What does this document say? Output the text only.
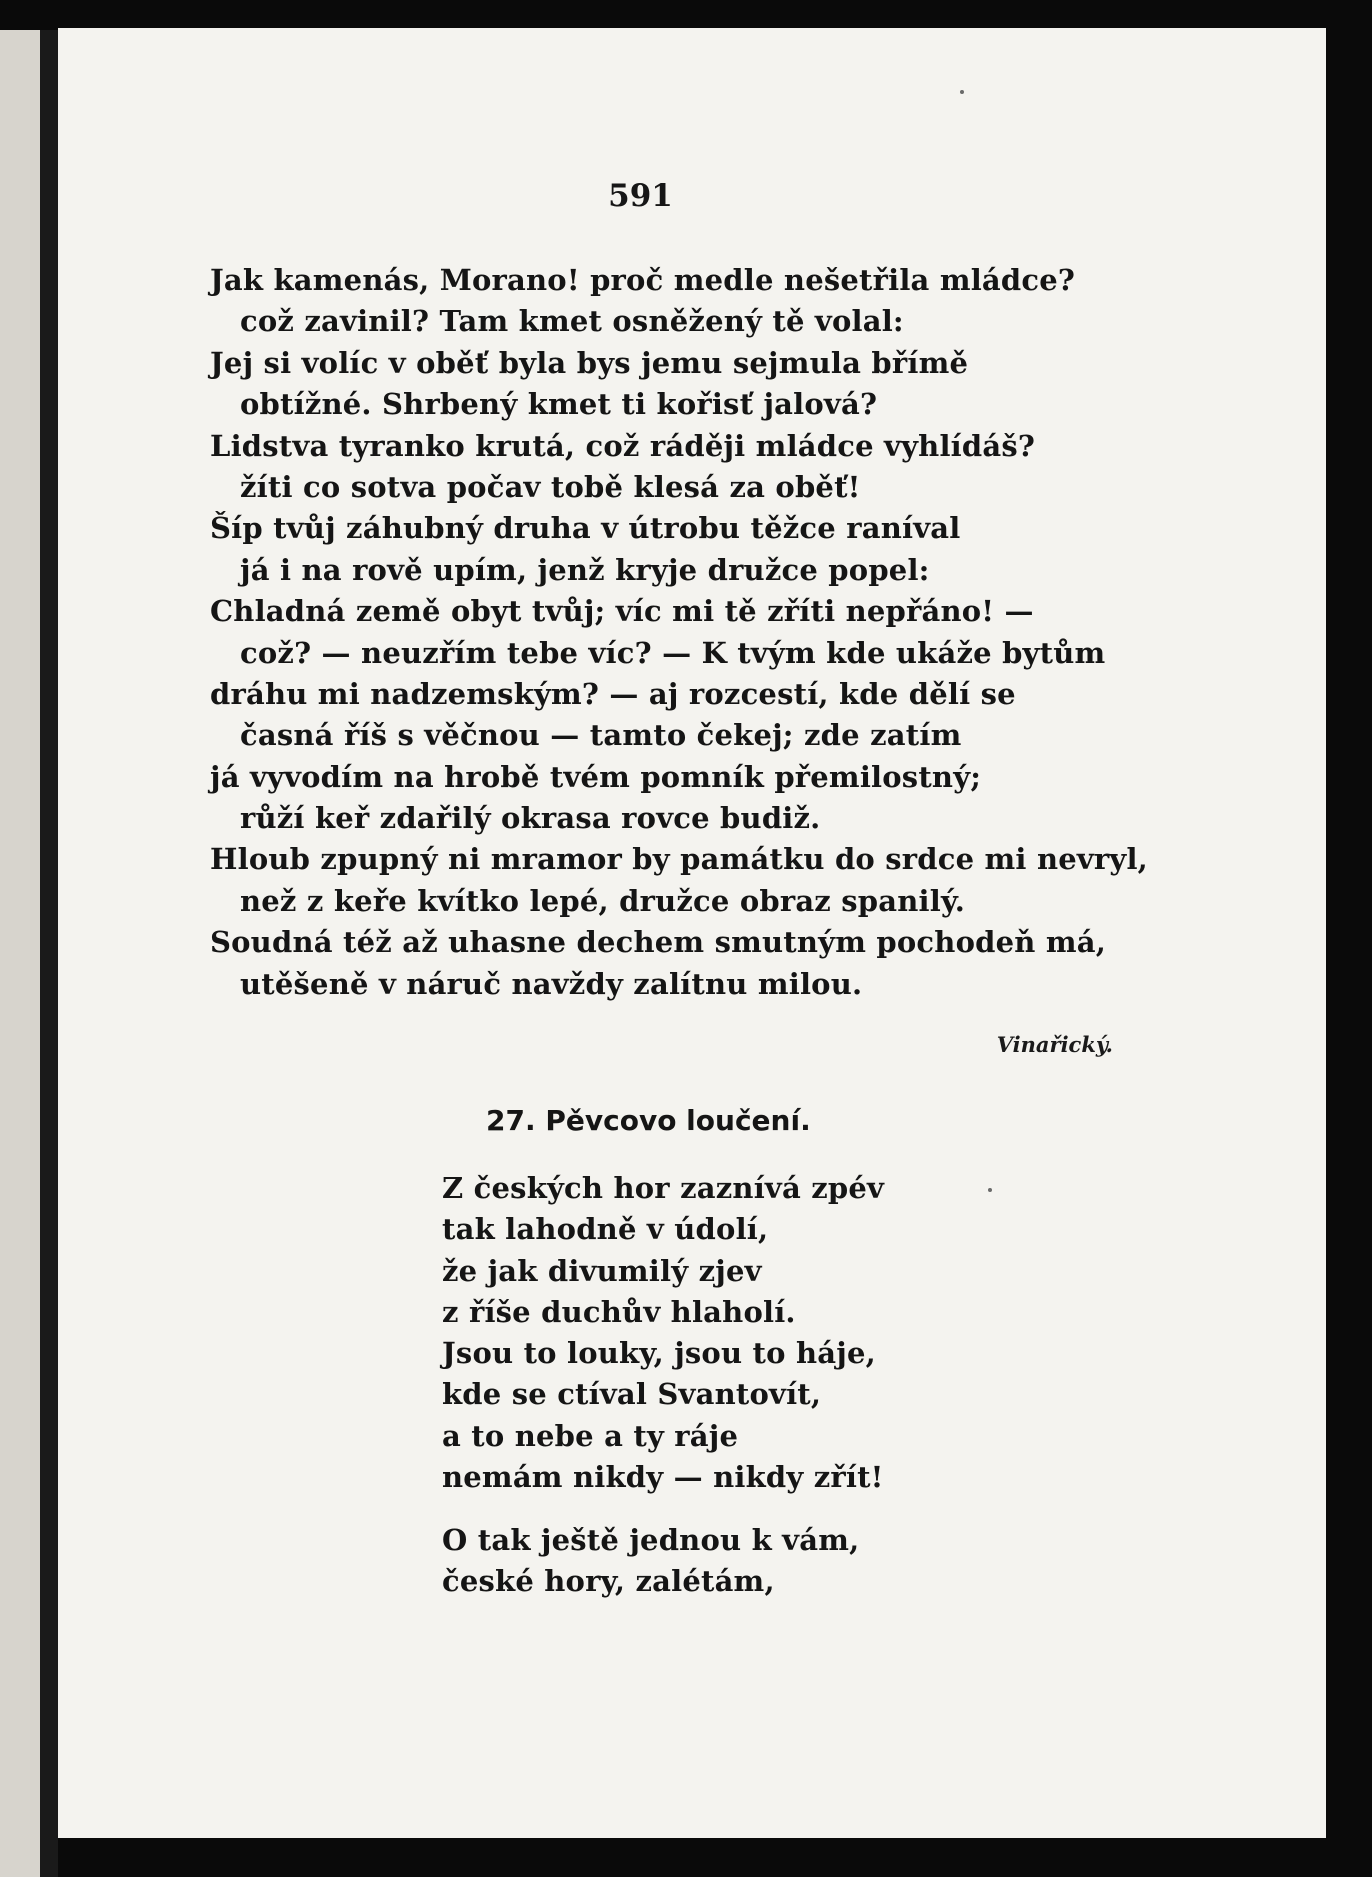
591
Jak kamenás, Morano! proč medle nešetřila mládce?
což zavinil? Tam kmet osněžený tě volal:
Jej si volíc v oběť byla bys jemu sejmula břímě
obtížné. Shrbený kmet ti kořisť jalová?
Lidstva tyranko krutá, což ráději mládce vyhlídáš?
žíti co sotva počav tobě klesá za oběť!
Šíp tvůj záhubný druha v útrobu těžce raníval
já i na rově upím, jenž kryje družce popel:
Chladná země obyt tvůj; víc mi tě zříti nepřáno! —
což? — neuzřím tebe víc? — K tvým kde ukáže bytům
dráhu mi nadzemským? — aj rozcestí, kde dělí se
časná říš s věčnou — tamto čekej; zde zatím
já vyvodím na hrobě tvém pomník přemilostný;
růží keř zdařilý okrasa rovce budiž.
Hloub zpupný ni mramor by památku do srdce mi nevryl,
než z keře kvítko lepé, družce obraz spanilý.
Soudná též až uhasne dechem smutným pochodeň má,
utěšeně v náruč navždy zalítnu milou.
Vinařický.
27. Pěvcovo loučení.
Z českých hor zaznívá zpév
tak lahodně v údolí,
že jak divumilý zjev
z říše duchův hlaholí.
Jsou to louky, jsou to háje,
kde se ctíval Svantovít,
a to nebe a ty ráje
nemám nikdy — nikdy zřít!
O tak ještě jednou k vám,
české hory, zalétám,
